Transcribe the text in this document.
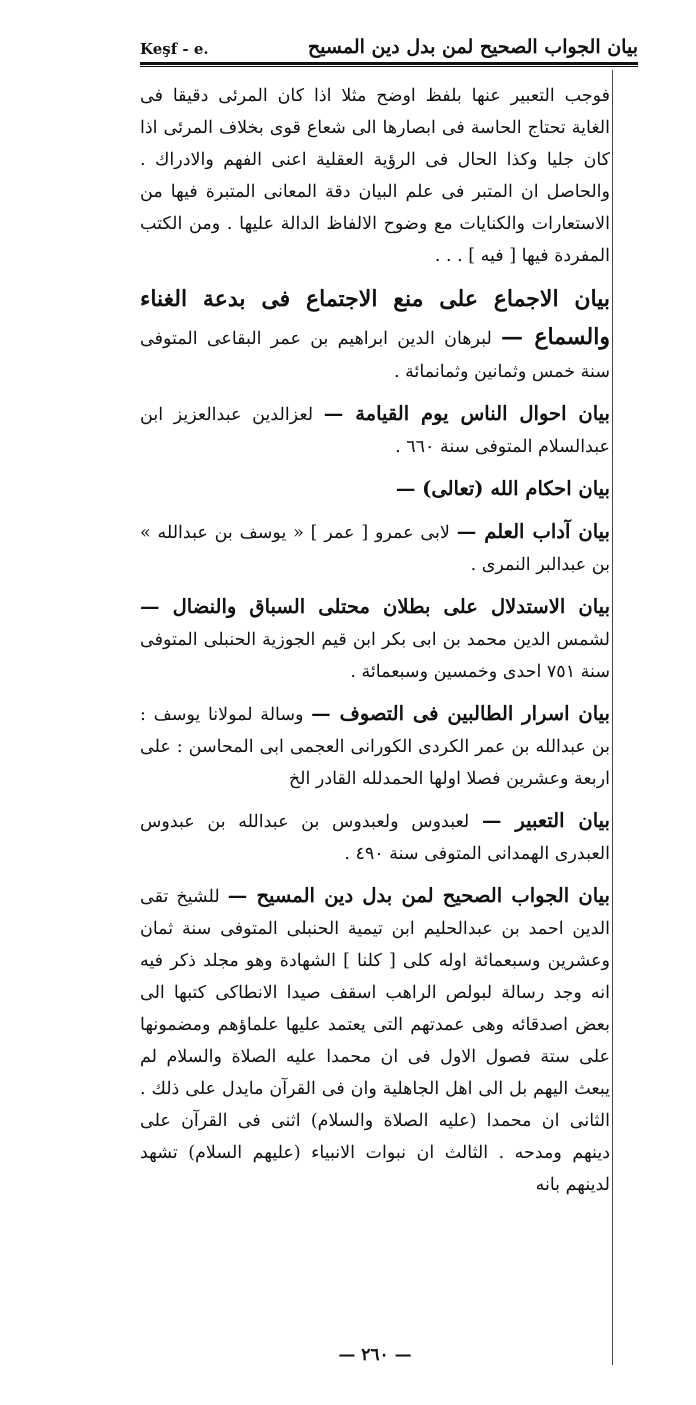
Keşf - e.	بيان الجواب الصحيح لمن بدل دين المسيح

فوجب التعبير عنها بلفظ اوضح مثلا اذا كان المرئى دقيقا فى الغاية تحتاج الحاسة فى ابصارها الى شعاع قوى بخلاف المرئى اذا كان جليا وكذا الحال فى الرؤية العقلية اعنى الفهم والادراك . والحاصل ان المتبر فى علم البيان دقة المعانى المتبرة فيها من الاستعارات والكنايات مع وضوح الالفاظ الدالة عليها . ومن الكتب المفردة فيها [ فيه ] . . .

بيان الاجماع على منع الاجتماع فى بدعة الغناء والسماع — لبرهان الدين ابراهيم بن عمر البقاعى المتوفى سنة خمس وثمانين وثمانمائة .

بيان احوال الناس يوم القيامة — لعزالدين عبدالعزيز ابن عبدالسلام المتوفى سنة ٦٦٠ .

بيان احكام الله (تعالى) —

بيان آداب العلم — لابى عمرو [ عمر ] « يوسف بن عبدالله » بن عبدالبر النمرى .

بيان الاستدلال على بطلان محتلى السباق والنضال — لشمس الدين محمد بن ابى بكر ابن قيم الجوزية الحنبلى المتوفى سنة ٧٥١ احدى وخمسين وسبعمائة .

بيان اسرار الطالبين فى التصوف — وسالة لمولانا يوسف : بن عبدالله بن عمر الكردى الكورانى العجمى ابى المحاسن : على اربعة وعشرين فصلا اولها الحمدلله القادر الخ

بيان التعبير — لعبدوس ولعبدوس بن عبدالله بن عبدوس العبدرى الهمدانى المتوفى سنة ٤٩٠ .

بيان الجواب الصحيح لمن بدل دين المسيح — للشيخ تقى الدين احمد بن عبدالحليم ابن تيمية الحنبلى المتوفى سنة ثمان وعشرين وسبعمائة اوله كلى [ كلنا ] الشهادة وهو مجلد ذكر فيه انه وجد رسالة لبولص الراهب اسقف صيدا الانطاكى كتبها الى بعض اصدقائه وهى عمدتهم التى يعتمد عليها علماؤهم ومضمونها على ستة فصول الاول فى ان محمدا عليه الصلاة والسلام لم يبعث اليهم بل الى اهل الجاهلية وان فى القرآن مايدل على ذلك . الثانى ان محمدا (عليه الصلاة والسلام) اثنى فى القرآن على دينهم ومدحه . الثالث ان نبوات الانبياء (عليهم السلام) تشهد لدينهم بانه

— ٢٦٠ —
